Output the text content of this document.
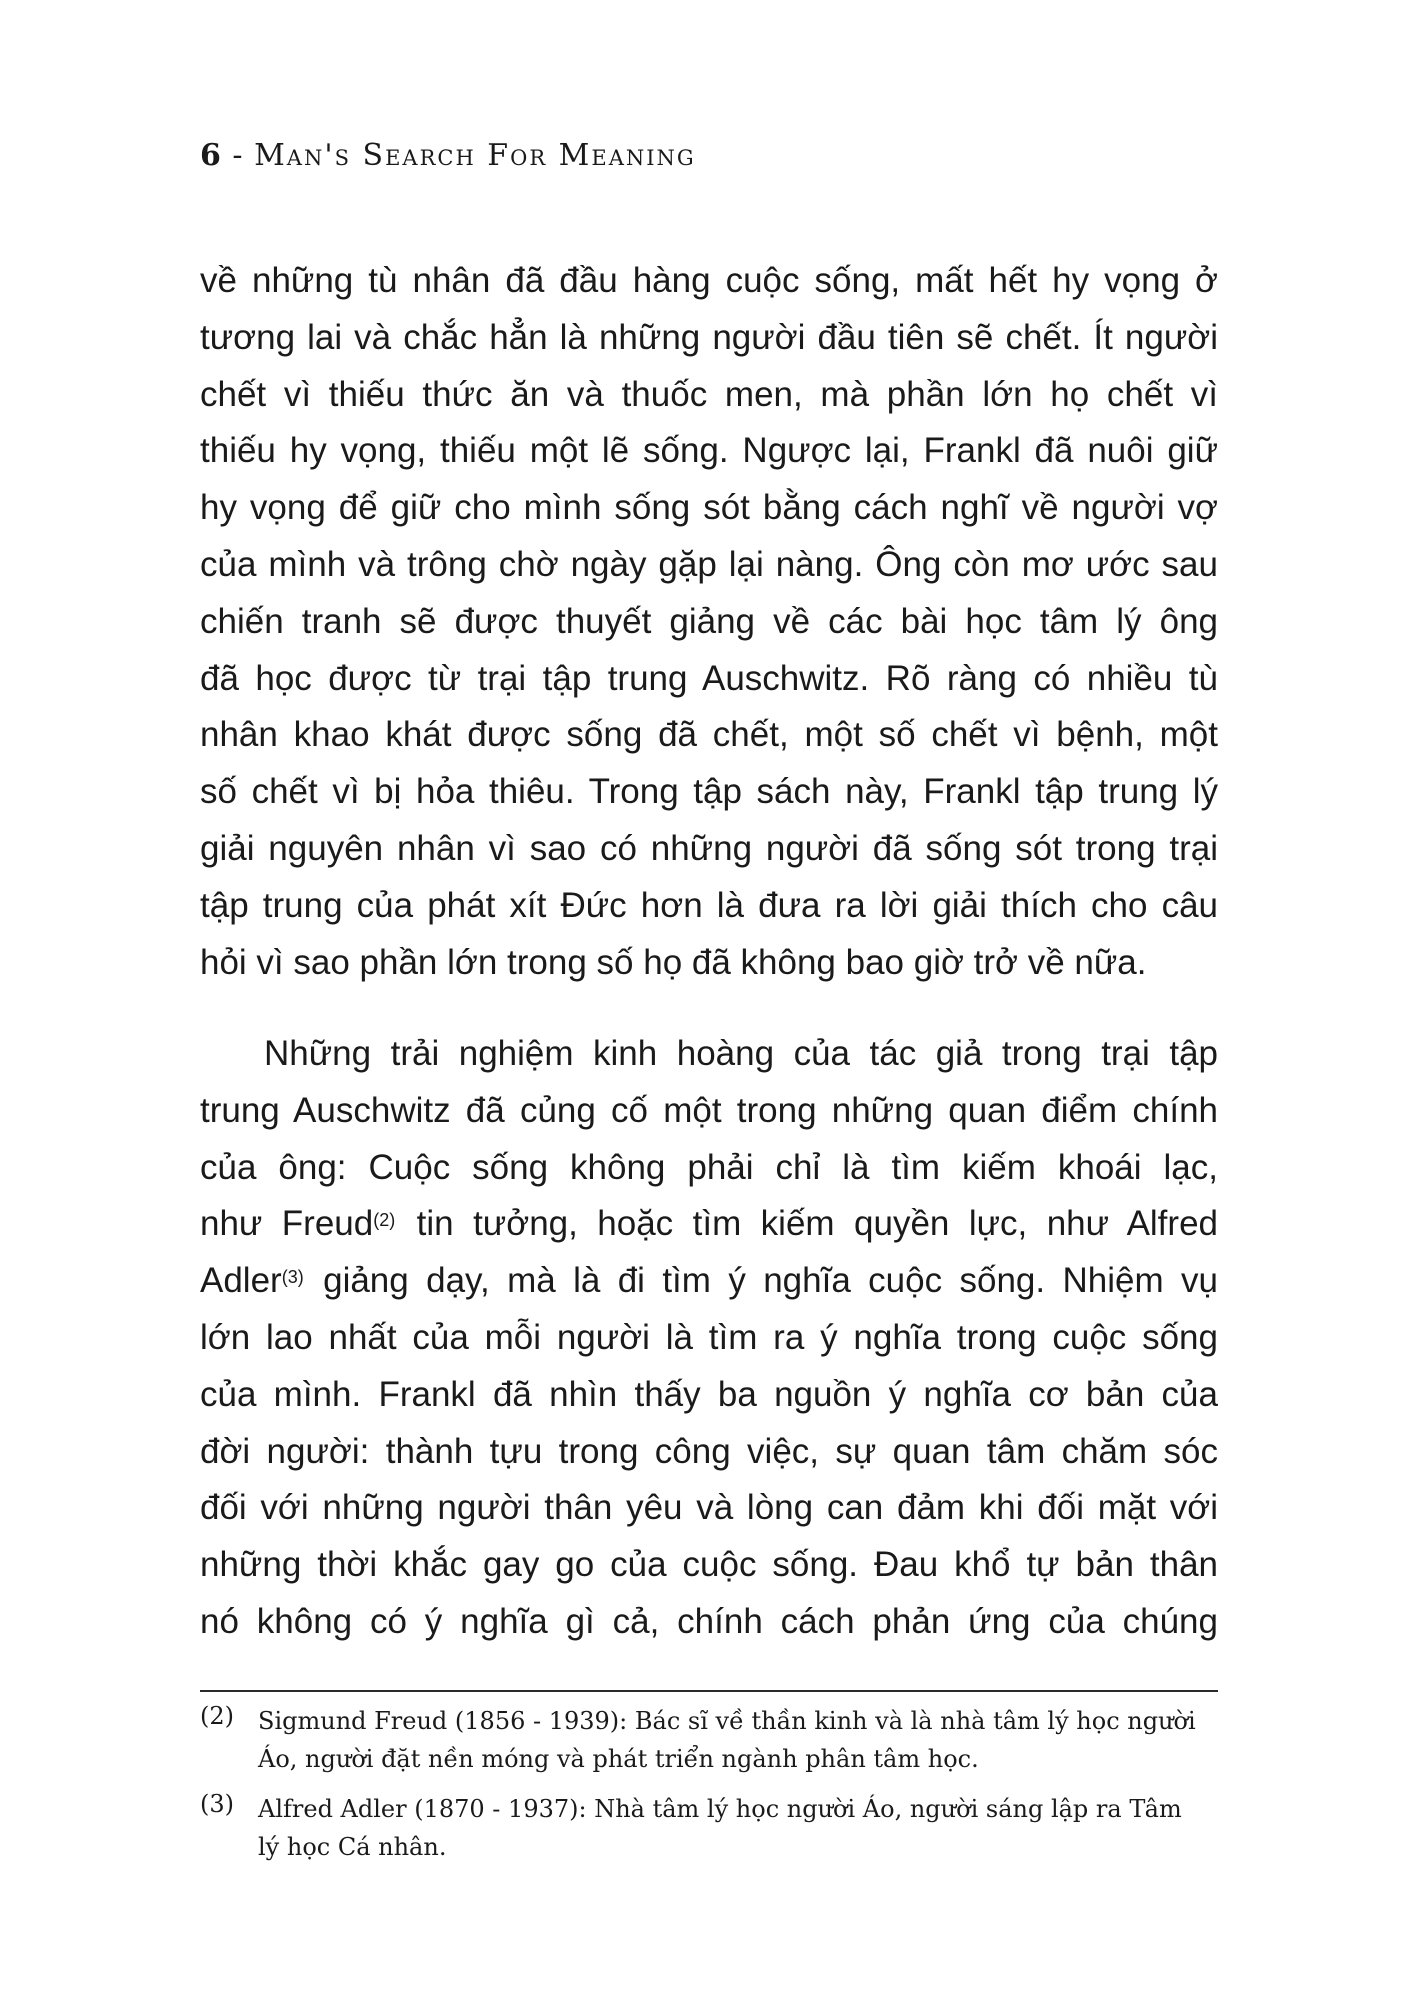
6 - Man's Search For Meaning
về những tù nhân đã đầu hàng cuộc sống, mất hết hy vọng ở
tương lai và chắc hẳn là những người đầu tiên sẽ chết. Ít người
chết vì thiếu thức ăn và thuốc men, mà phần lớn họ chết vì
thiếu hy vọng, thiếu một lẽ sống. Ngược lại, Frankl đã nuôi giữ
hy vọng để giữ cho mình sống sót bằng cách nghĩ về người vợ
của mình và trông chờ ngày gặp lại nàng. Ông còn mơ ước sau
chiến tranh sẽ được thuyết giảng về các bài học tâm lý ông
đã học được từ trại tập trung Auschwitz. Rõ ràng có nhiều tù
nhân khao khát được sống đã chết, một số chết vì bệnh, một
số chết vì bị hỏa thiêu. Trong tập sách này, Frankl tập trung lý
giải nguyên nhân vì sao có những người đã sống sót trong trại
tập trung của phát xít Đức hơn là đưa ra lời giải thích cho câu
hỏi vì sao phần lớn trong số họ đã không bao giờ trở về nữa.
Những trải nghiệm kinh hoàng của tác giả trong trại tập
trung Auschwitz đã củng cố một trong những quan điểm chính
của ông: Cuộc sống không phải chỉ là tìm kiếm khoái lạc,
như Freud$^{(2)}$ tin tưởng, hoặc tìm kiếm quyền lực, như Alfred
Adler$^{(3)}$ giảng dạy, mà là đi tìm ý nghĩa cuộc sống. Nhiệm vụ
lớn lao nhất của mỗi người là tìm ra ý nghĩa trong cuộc sống
của mình. Frankl đã nhìn thấy ba nguồn ý nghĩa cơ bản của
đời người: thành tựu trong công việc, sự quan tâm chăm sóc
đối với những người thân yêu và lòng can đảm khi đối mặt với
những thời khắc gay go của cuộc sống. Đau khổ tự bản thân
nó không có ý nghĩa gì cả, chính cách phản ứng của chúng
(2) Sigmund Freud (1856 - 1939): Bác sĩ về thần kinh và là nhà tâm lý học người
Áo, người đặt nền móng và phát triển ngành phân tâm học.
(3) Alfred Adler (1870 - 1937): Nhà tâm lý học người Áo, người sáng lập ra Tâm
lý học Cá nhân.
